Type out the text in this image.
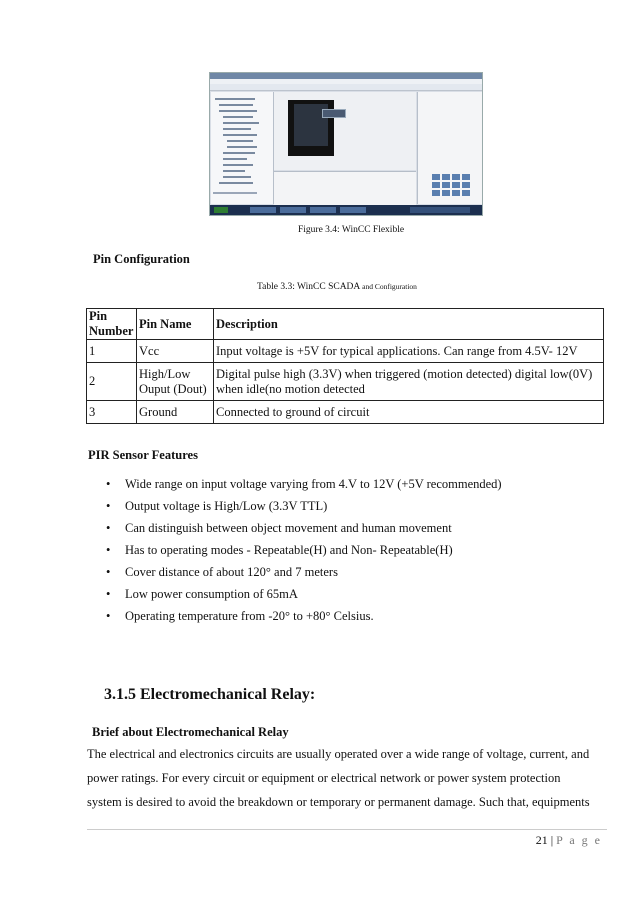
Figure 3.4: WinCC Flexible
Pin Configuration
Table 3.3: WinCC SCADA and Configuration
Pin Number	Pin Name	Description
1	Vcc	Input voltage is +5V for typical applications. Can range from 4.5V- 12V
2	High/Low Ouput (Dout)	Digital pulse high (3.3V) when triggered (motion detected) digital low(0V) when idle(no motion detected
3	Ground	Connected to ground of circuit
PIR Sensor Features
• Wide range on input voltage varying from 4.V to 12V (+5V recommended)
• Output voltage is High/Low (3.3V TTL)
• Can distinguish between object movement and human movement
• Has to operating modes - Repeatable(H) and Non- Repeatable(H)
• Cover distance of about 120° and 7 meters
• Low power consumption of 65mA
• Operating temperature from -20° to +80° Celsius.
3.1.5 Electromechanical Relay:
Brief about Electromechanical Relay
The electrical and electronics circuits are usually operated over a wide range of voltage, current, and
power ratings. For every circuit or equipment or electrical network or power system protection
system is desired to avoid the breakdown or temporary or permanent damage. Such that, equipments
21 | P a g e
